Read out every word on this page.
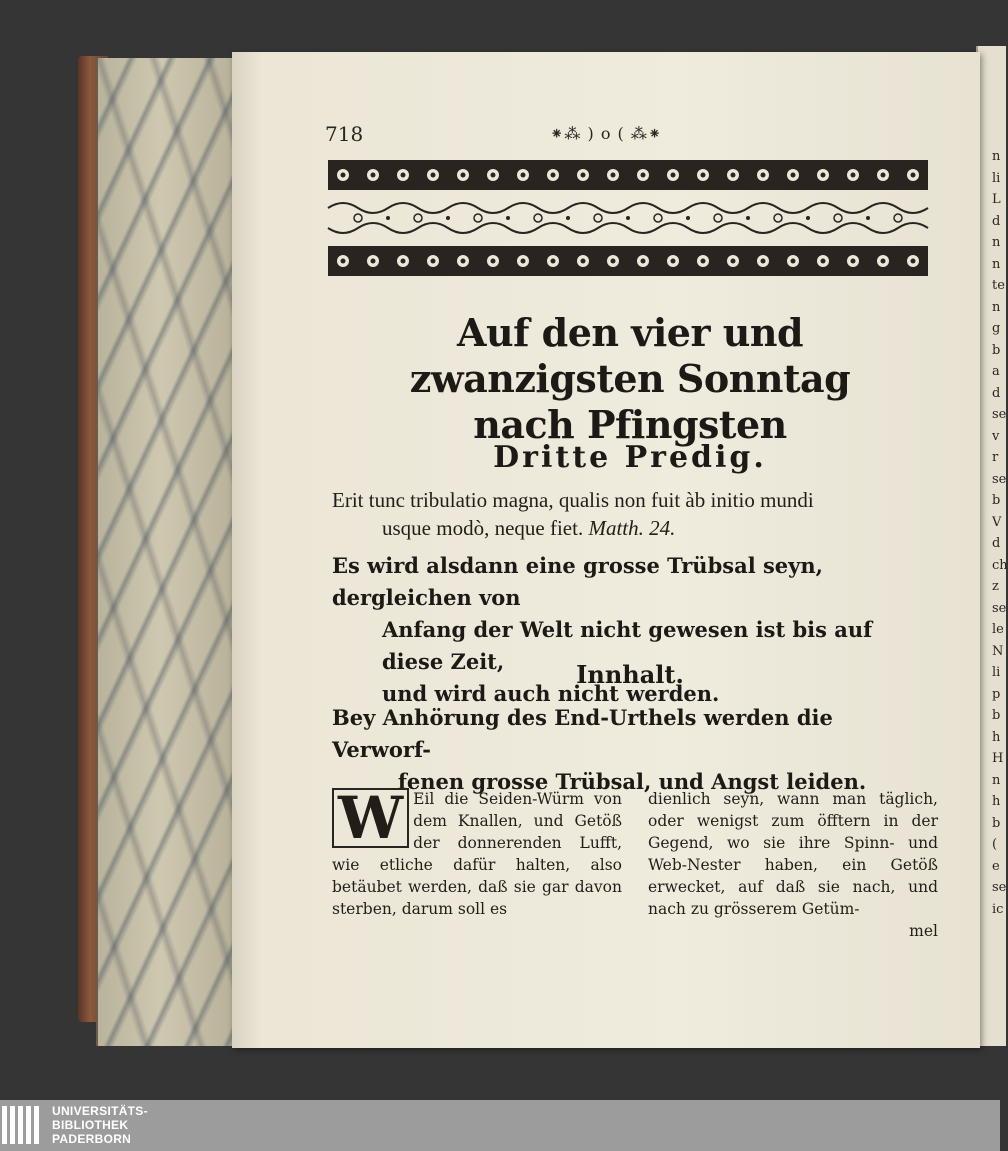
n
li
L
d
n
n
te
n
g
b
a
d
se
v
r
se
b
V
d
ch
z
se
le
N
li
p
b
h
H
n
h
b
(
e
se
ic
718	⁕⁂ ) o ( ⁂⁕
Auf den vier und zwanzigsten Sonntag
nach Pfingsten
Dritte Predig.
Erit tunc tribulatio magna, qualis non fuit àb initio mundi
usque modò, neque fiet. Matth. 24.
Es wird alsdann eine grosse Trübsal seyn, dergleichen von
Anfang der Welt nicht gewesen ist bis auf diese Zeit,
und wird auch nicht werden.
Innhalt.
Bey Anhörung des End-Urthels werden die Verworf-
fenen grosse Trübsal, und Angst leiden.
W Eil die Seiden-Würm von dem Knallen, und Getöß der donnerenden Lufft, wie etliche dafür halten, also betäubet werden, daß sie gar davon sterben, darum soll es
dienlich seyn, wann man täglich, oder wenigst zum öfftern in der Gegend, wo sie ihre Spinn- und Web-Nester haben, ein Getöß erwecket, auf daß sie nach, und nach zu grösserem Getüm-
mel
UNIVERSITÄTS-
BIBLIOTHEK
PADERBORN
